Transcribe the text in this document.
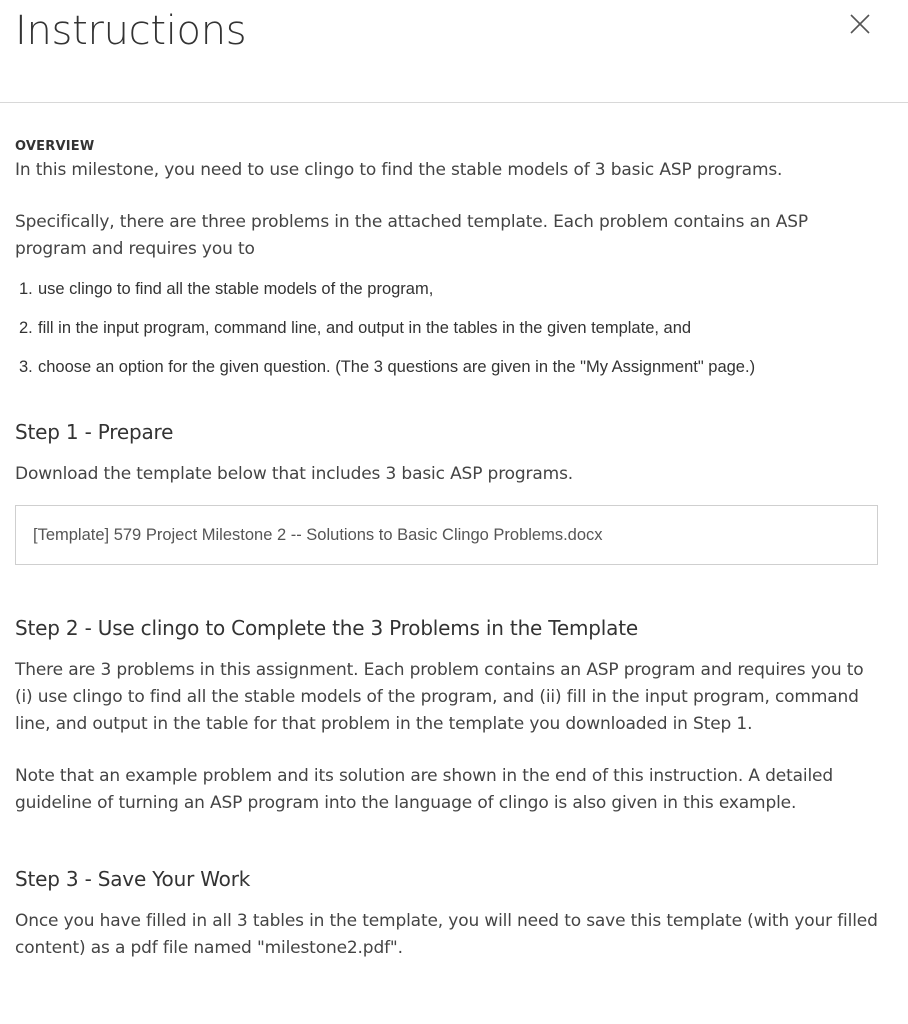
Instructions

OVERVIEW

In this milestone, you need to use clingo to find the stable models of 3 basic ASP programs.

Specifically, there are three problems in the attached template. Each problem contains an ASP program and requires you to

1. use clingo to find all the stable models of the program,
2. fill in the input program, command line, and output in the tables in the given template, and
3. choose an option for the given question. (The 3 questions are given in the "My Assignment" page.)
Step 1 - Prepare

Download the template below that includes 3 basic ASP programs.

[Template] 579 Project Milestone 2 -- Solutions to Basic Clingo Problems.docx
Step 2 - Use clingo to Complete the 3 Problems in the Template

There are 3 problems in this assignment. Each problem contains an ASP program and requires you to (i) use clingo to find all the stable models of the program, and (ii) fill in the input program, command line, and output in the table for that problem in the template you downloaded in Step 1.

Note that an example problem and its solution are shown in the end of this instruction. A detailed guideline of turning an ASP program into the language of clingo is also given in this example.

Step 3 - Save Your Work

Once you have filled in all 3 tables in the template, you will need to save this template (with your filled content) as a pdf file named "milestone2.pdf".
